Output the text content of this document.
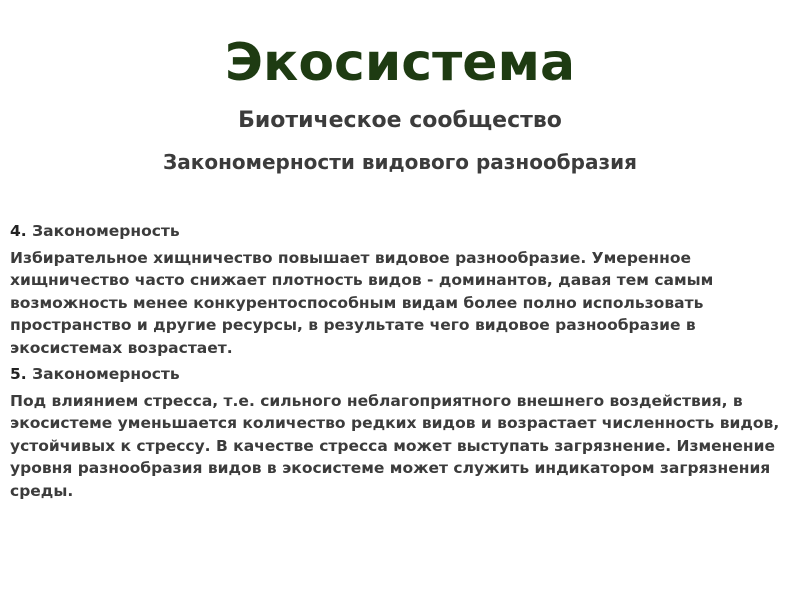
Экосистема
Биотическое сообщество
Закономерности видового разнообразия

4. Закономерность

Избирательное хищничество повышает видовое разнообразие. Умеренное хищничество часто снижает плотность видов - доминантов, давая тем самым возможность менее конкурентоспособным видам более полно использовать пространство и другие ресурсы, в результате чего видовое разнообразие в экосистемах возрастает.

5. Закономерность

Под влиянием стресса, т.е. сильного неблагоприятного внешнего воздействия, в экосистеме уменьшается количество редких видов и возрастает численность видов, устойчивых к стрессу. В качестве стресса может выступать загрязнение. Изменение уровня разнообразия видов в экосистеме может служить индикатором загрязнения среды.
